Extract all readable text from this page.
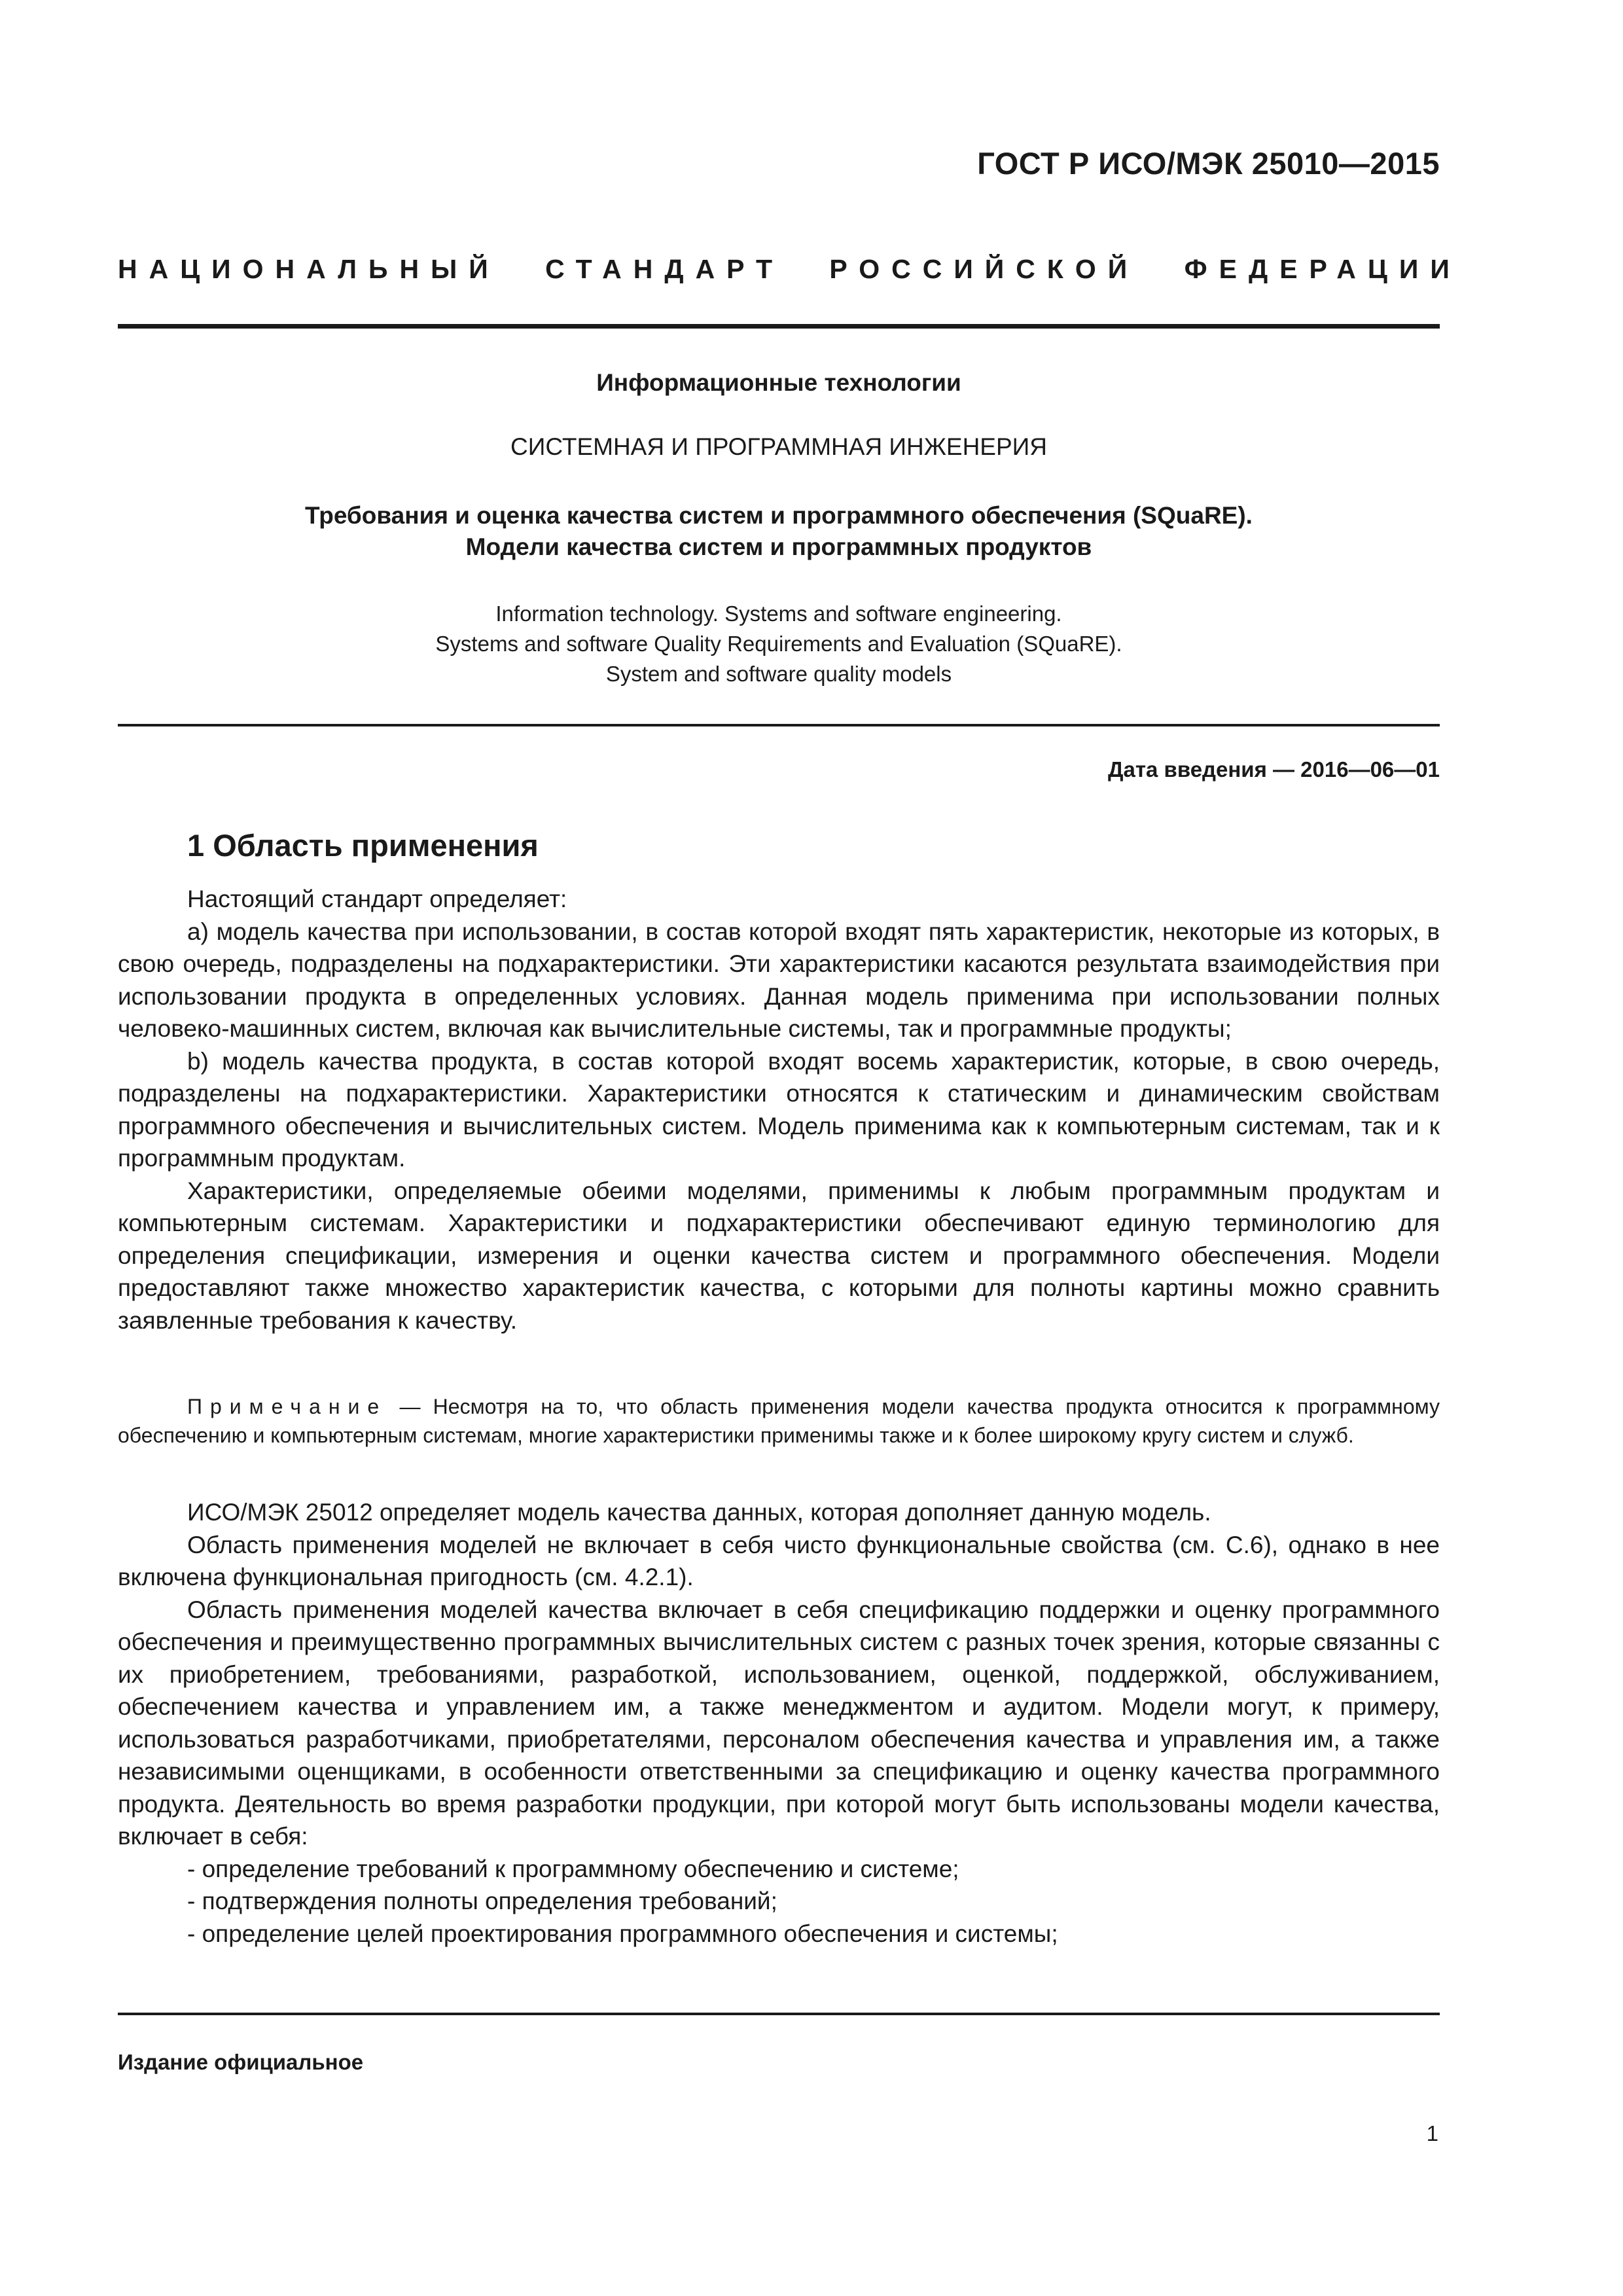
ГОСТ Р ИСО/МЭК 25010—2015

НАЦИОНАЛЬНЫЙ СТАНДАРТ РОССИЙСКОЙ ФЕДЕРАЦИИ

Информационные технологии

СИСТЕМНАЯ И ПРОГРАММНАЯ ИНЖЕНЕРИЯ

Требования и оценка качества систем и программного обеспечения (SQuaRE).
Модели качества систем и программных продуктов
Information technology. Systems and software engineering.
Systems and software Quality Requirements and Evaluation (SQuaRE).
System and software quality models

Дата введения — 2016—06—01

1 Область применения

Настоящий стандарт определяет:

a) модель качества при использовании, в состав которой входят пять характеристик, некоторые из которых, в свою очередь, подразделены на подхарактеристики. Эти характеристики касаются результата взаимодействия при использовании продукта в определенных условиях. Данная модель применима при использовании полных человеко-машинных систем, включая как вычислительные системы, так и программные продукты;

b) модель качества продукта, в состав которой входят восемь характеристик, которые, в свою очередь, подразделены на подхарактеристики. Характеристики относятся к статическим и динамическим свойствам программного обеспечения и вычислительных систем. Модель применима как к компьютерным системам, так и к программным продуктам.

Характеристики, определяемые обеими моделями, применимы к любым программным продуктам и компьютерным системам. Характеристики и подхарактеристики обеспечивают единую терминологию для определения спецификации, измерения и оценки качества систем и программного обеспечения. Модели предоставляют также множество характеристик качества, с которыми для полноты картины можно сравнить заявленные требования к качеству.

Примечание — Несмотря на то, что область применения модели качества продукта относится к программному обеспечению и компьютерным системам, многие характеристики применимы также и к более широкому кругу систем и служб.

ИСО/МЭК 25012 определяет модель качества данных, которая дополняет данную модель.

Область применения моделей не включает в себя чисто функциональные свойства (см. С.6), однако в нее включена функциональная пригодность (см. 4.2.1).

Область применения моделей качества включает в себя спецификацию поддержки и оценку программного обеспечения и преимущественно программных вычислительных систем с разных точек зрения, которые связанны с их приобретением, требованиями, разработкой, использованием, оценкой, поддержкой, обслуживанием, обеспечением качества и управлением им, а также менеджментом и аудитом. Модели могут, к примеру, использоваться разработчиками, приобретателями, персоналом обеспечения качества и управления им, а также независимыми оценщиками, в особенности ответственными за спецификацию и оценку качества программного продукта. Деятельность во время разработки продукции, при которой могут быть использованы модели качества, включает в себя:

- определение требований к программному обеспечению и системе;

- подтверждения полноты определения требований;

- определение целей проектирования программного обеспечения и системы;

Издание официальное

1
